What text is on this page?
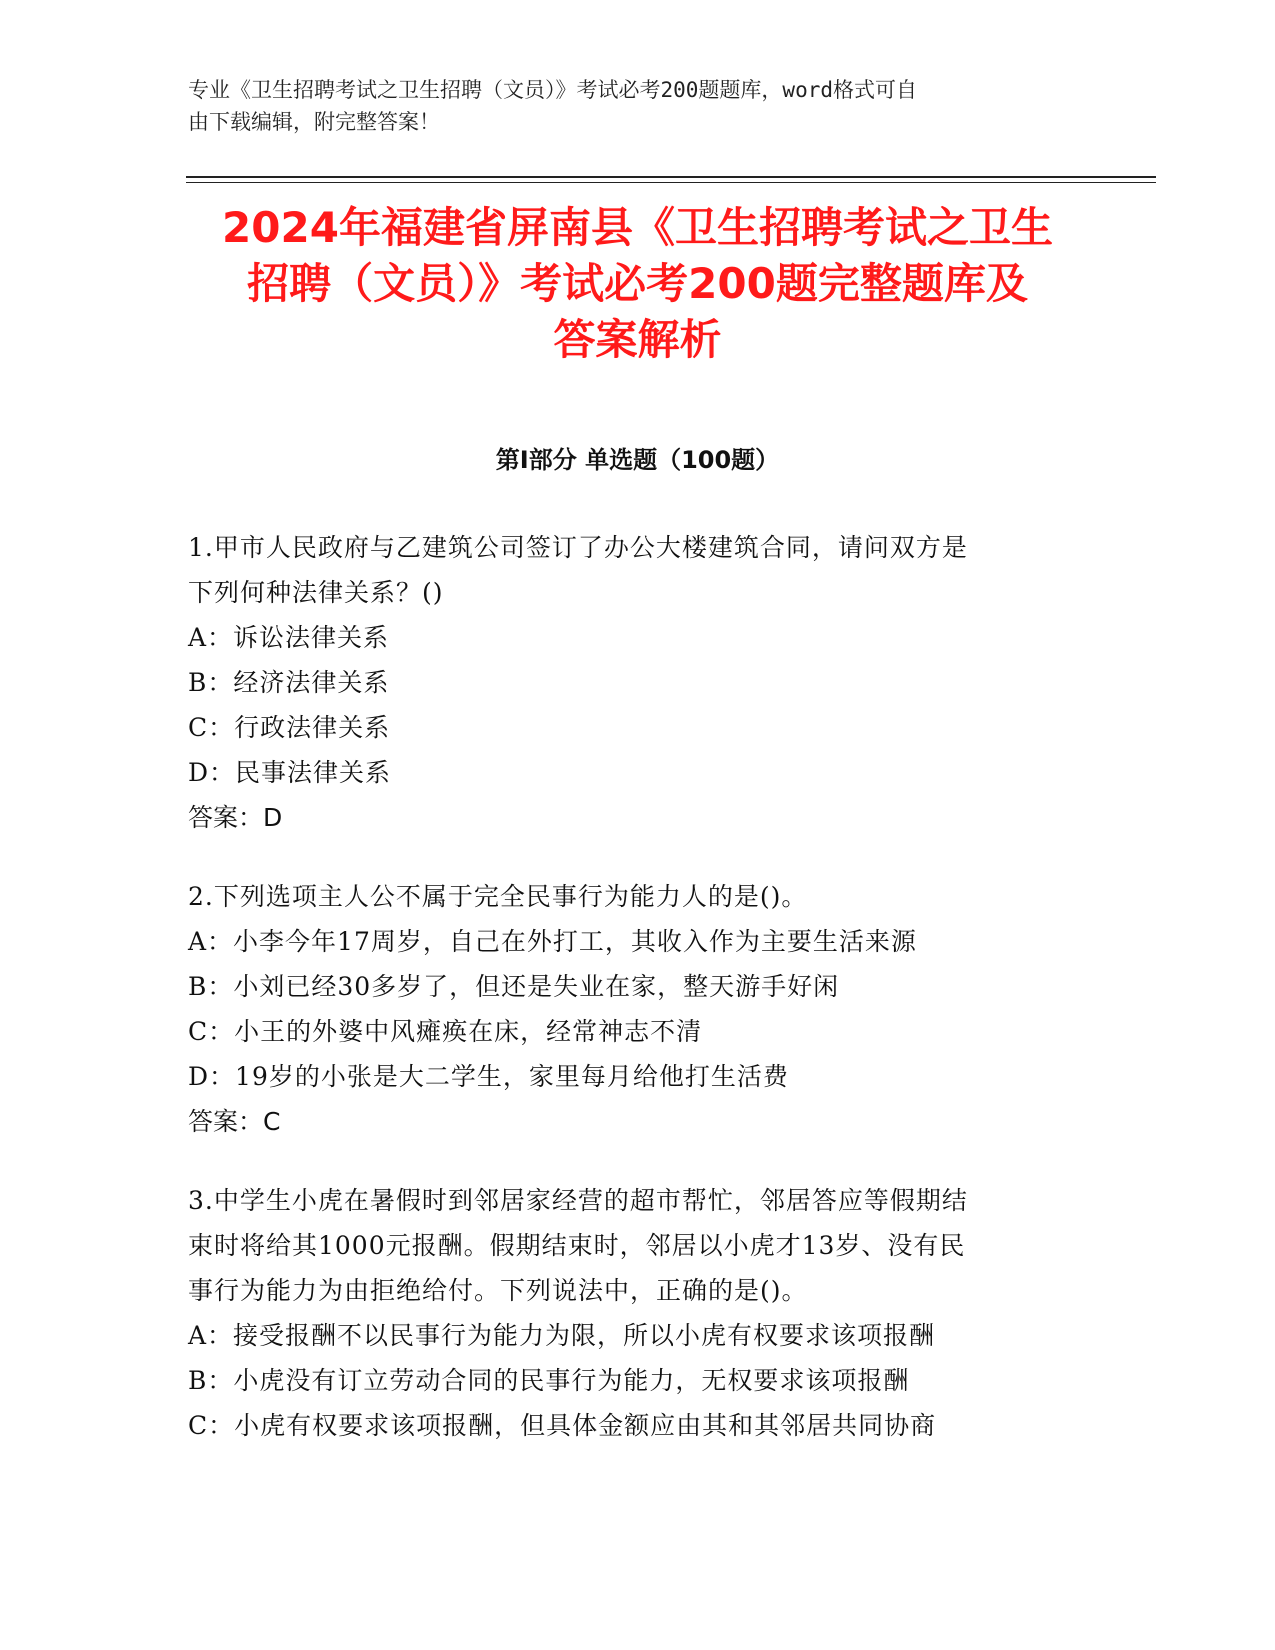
专业《卫生招聘考试之卫生招聘（文员）》考试必考200题题库，word格式可自
由下载编辑，附完整答案！
2024年福建省屏南县《卫生招聘考试之卫生
招聘（文员）》考试必考200题完整题库及
答案解析
第I部分 单选题（100题）
1.甲市人民政府与乙建筑公司签订了办公大楼建筑合同，请问双方是
下列何种法律关系？()
A：诉讼法律关系
B：经济法律关系
C：行政法律关系
D：民事法律关系
答案：D
2.下列选项主人公不属于完全民事行为能力人的是()。
A：小李今年17周岁，自己在外打工，其收入作为主要生活来源
B：小刘已经30多岁了，但还是失业在家，整天游手好闲
C：小王的外婆中风瘫痪在床，经常神志不清
D：19岁的小张是大二学生，家里每月给他打生活费
答案：C
3.中学生小虎在暑假时到邻居家经营的超市帮忙，邻居答应等假期结
束时将给其1000元报酬。假期结束时，邻居以小虎才13岁、没有民
事行为能力为由拒绝给付。下列说法中，正确的是()。
A：接受报酬不以民事行为能力为限，所以小虎有权要求该项报酬
B：小虎没有订立劳动合同的民事行为能力，无权要求该项报酬
C：小虎有权要求该项报酬，但具体金额应由其和其邻居共同协商
